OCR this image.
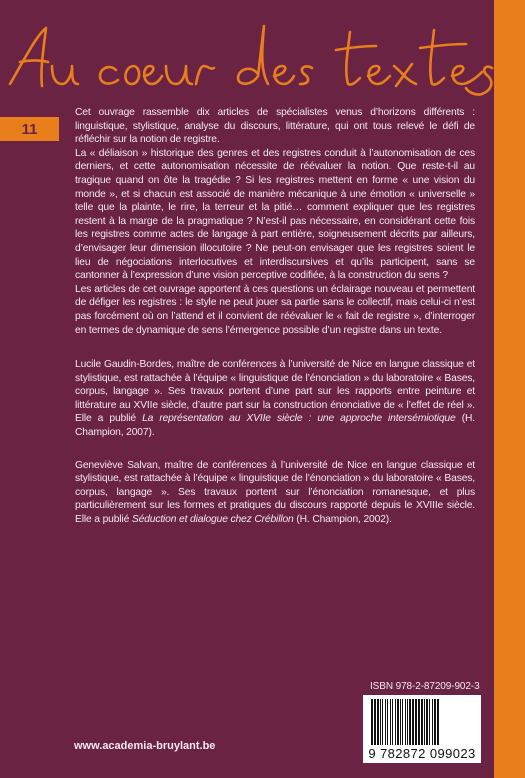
11

Cet ouvrage rassemble dix articles de spécialistes venus d’horizons différents : linguistique, stylistique, analyse du discours, littérature, qui ont tous relevé le défi de réfléchir sur la notion de registre.

La « déliaison » historique des genres et des registres conduit à l’autonomisation de ces derniers, et cette autonomisation nécessite de réévaluer la notion. Que reste-t-il au tragique quand on ôte la tragédie ? Si les registres mettent en forme « une vision du monde », et si chacun est associé de manière mécanique à une émotion « universelle » telle que la plainte, le rire, la terreur et la pitié… comment expliquer que les registres restent à la marge de la pragmatique ? N’est-il pas nécessaire, en considérant cette fois les registres comme actes de langage à part entière, soigneusement décrits par ailleurs, d’envisager leur dimension illocutoire ? Ne peut-on envisager que les registres soient le lieu de négociations interlocutives et interdiscursives et qu’ils participent, sans se cantonner à l’expression d’une vision perceptive codifiée, à la construction du sens ?

Les articles de cet ouvrage apportent à ces questions un éclairage nouveau et permettent de défiger les registres : le style ne peut jouer sa partie sans le collectif, mais celui-ci n’est pas forcément où on l’attend et il convient de réévaluer le « fait de registre », d’interroger en termes de dynamique de sens l’émergence possible d’un registre dans un texte.

Lucile Gaudin-Bordes, maître de conférences à l’université de Nice en langue classique et stylistique, est rattachée à l’équipe « linguistique de l’énonciation » du laboratoire « Bases, corpus, langage ». Ses travaux portent d’une part sur les rapports entre peinture et littérature au XVIIe siècle, d’autre part sur la construction énonciative de « l’effet de réel ». Elle a publié La représentation au XVIIe siècle : une approche intersémiotique (H. Champion, 2007).

Geneviève Salvan, maître de conférences à l’université de Nice en langue classique et stylistique, est rattachée à l’équipe « linguistique de l’énonciation » du laboratoire « Bases, corpus, langage ». Ses travaux portent sur l’énonciation romanesque, et plus particulièrement sur les formes et pratiques du discours rapporté depuis le XVIIIe siècle. Elle a publié Séduction et dialogue chez Crébillon (H. Champion, 2002).

ISBN 978-2-87209-902-3
9 782872 099023
www.academia-bruylant.be
